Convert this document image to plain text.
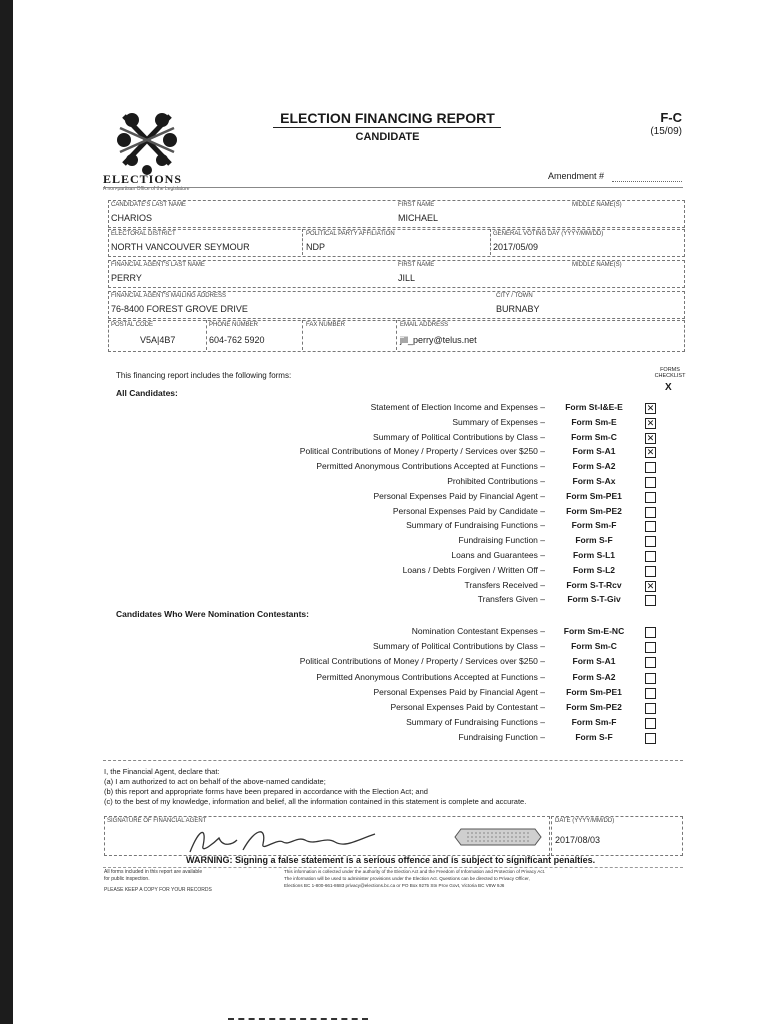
ELECTIONS
A non-partisan Office of the Legislature
ELECTION FINANCING REPORT
CANDIDATE
F-C
(15/09)
Amendment #
CANDIDATE'S LAST NAME
CHARIOS
FIRST NAME
MICHAEL
MIDDLE NAME(S)
ELECTORAL DISTRICT
NORTH VANCOUVER SEYMOUR
POLITICAL PARTY AFFILIATION
NDP
GENERAL VOTING DAY (YYYY/MM/DD)
2017/05/09
FINANCIAL AGENT'S LAST NAME
PERRY
FIRST NAME
JILL
MIDDLE NAME(S)
FINANCIAL AGENT'S MAILING ADDRESS
76-8400 FOREST GROVE DRIVE
CITY / TOWN
BURNABY
POSTAL CODE
V5A|4B7
PHONE NUMBER
604-762 5920
FAX NUMBER	EMAIL ADDRESS
jill_perry@telus.net
This financing report includes the following forms:
FORMS CHECKLIST
X
All Candidates:
Statement of Election Income and Expenses –	Form St-I&E-E	✕
Summary of Expenses –	Form Sm-E	✕
Summary of Political Contributions by Class –	Form Sm-C	✕
Political Contributions of Money / Property / Services over $250 –	Form S-A1	✕
Permitted Anonymous Contributions Accepted at Functions –	Form S-A2
Prohibited Contributions –	Form S-Ax
Personal Expenses Paid by Financial Agent –	Form Sm-PE1
Personal Expenses Paid by Candidate –	Form Sm-PE2
Summary of Fundraising Functions –	Form Sm-F
Fundraising Function –	Form S-F
Loans and Guarantees –	Form S-L1
Loans / Debts Forgiven / Written Off –	Form S-L2
Transfers Received –	Form S-T-Rcv	✕
Transfers Given –	Form S-T-Giv
Candidates Who Were Nomination Contestants:
Nomination Contestant Expenses –	Form Sm-E-NC
Summary of Political Contributions by Class –	Form Sm-C
Political Contributions of Money / Property / Services over $250 –	Form S-A1
Permitted Anonymous Contributions Accepted at Functions –	Form S-A2
Personal Expenses Paid by Financial Agent –	Form Sm-PE1
Personal Expenses Paid by Contestant –	Form Sm-PE2
Summary of Fundraising Functions –	Form Sm-F
Fundraising Function –	Form S-F
I, the Financial Agent, declare that:
(a) I am authorized to act on behalf of the above-named candidate;
(b) this report and appropriate forms have been prepared in accordance with the Election Act; and
(c) to the best of my knowledge, information and belief, all the information contained in this statement is complete and accurate.
SIGNATURE OF FINANCIAL AGENT	DATE (YYYY/MM/DD)
2017/08/03
WARNING: Signing a false statement is a serious offence and is subject to significant penalties.
All forms included in this report are available
for public inspection.
PLEASE KEEP A COPY FOR YOUR RECORDS
This information is collected under the authority of the Election Act and the Freedom of Information and Protection of Privacy Act.
The information will be used to administer provisions under the Election Act. Questions can be directed to Privacy Officer,
Elections BC 1-800-661-8683 privacy@elections.bc.ca or PO Box 9275 Stn Prov Govt, Victoria BC V8W 9J6
